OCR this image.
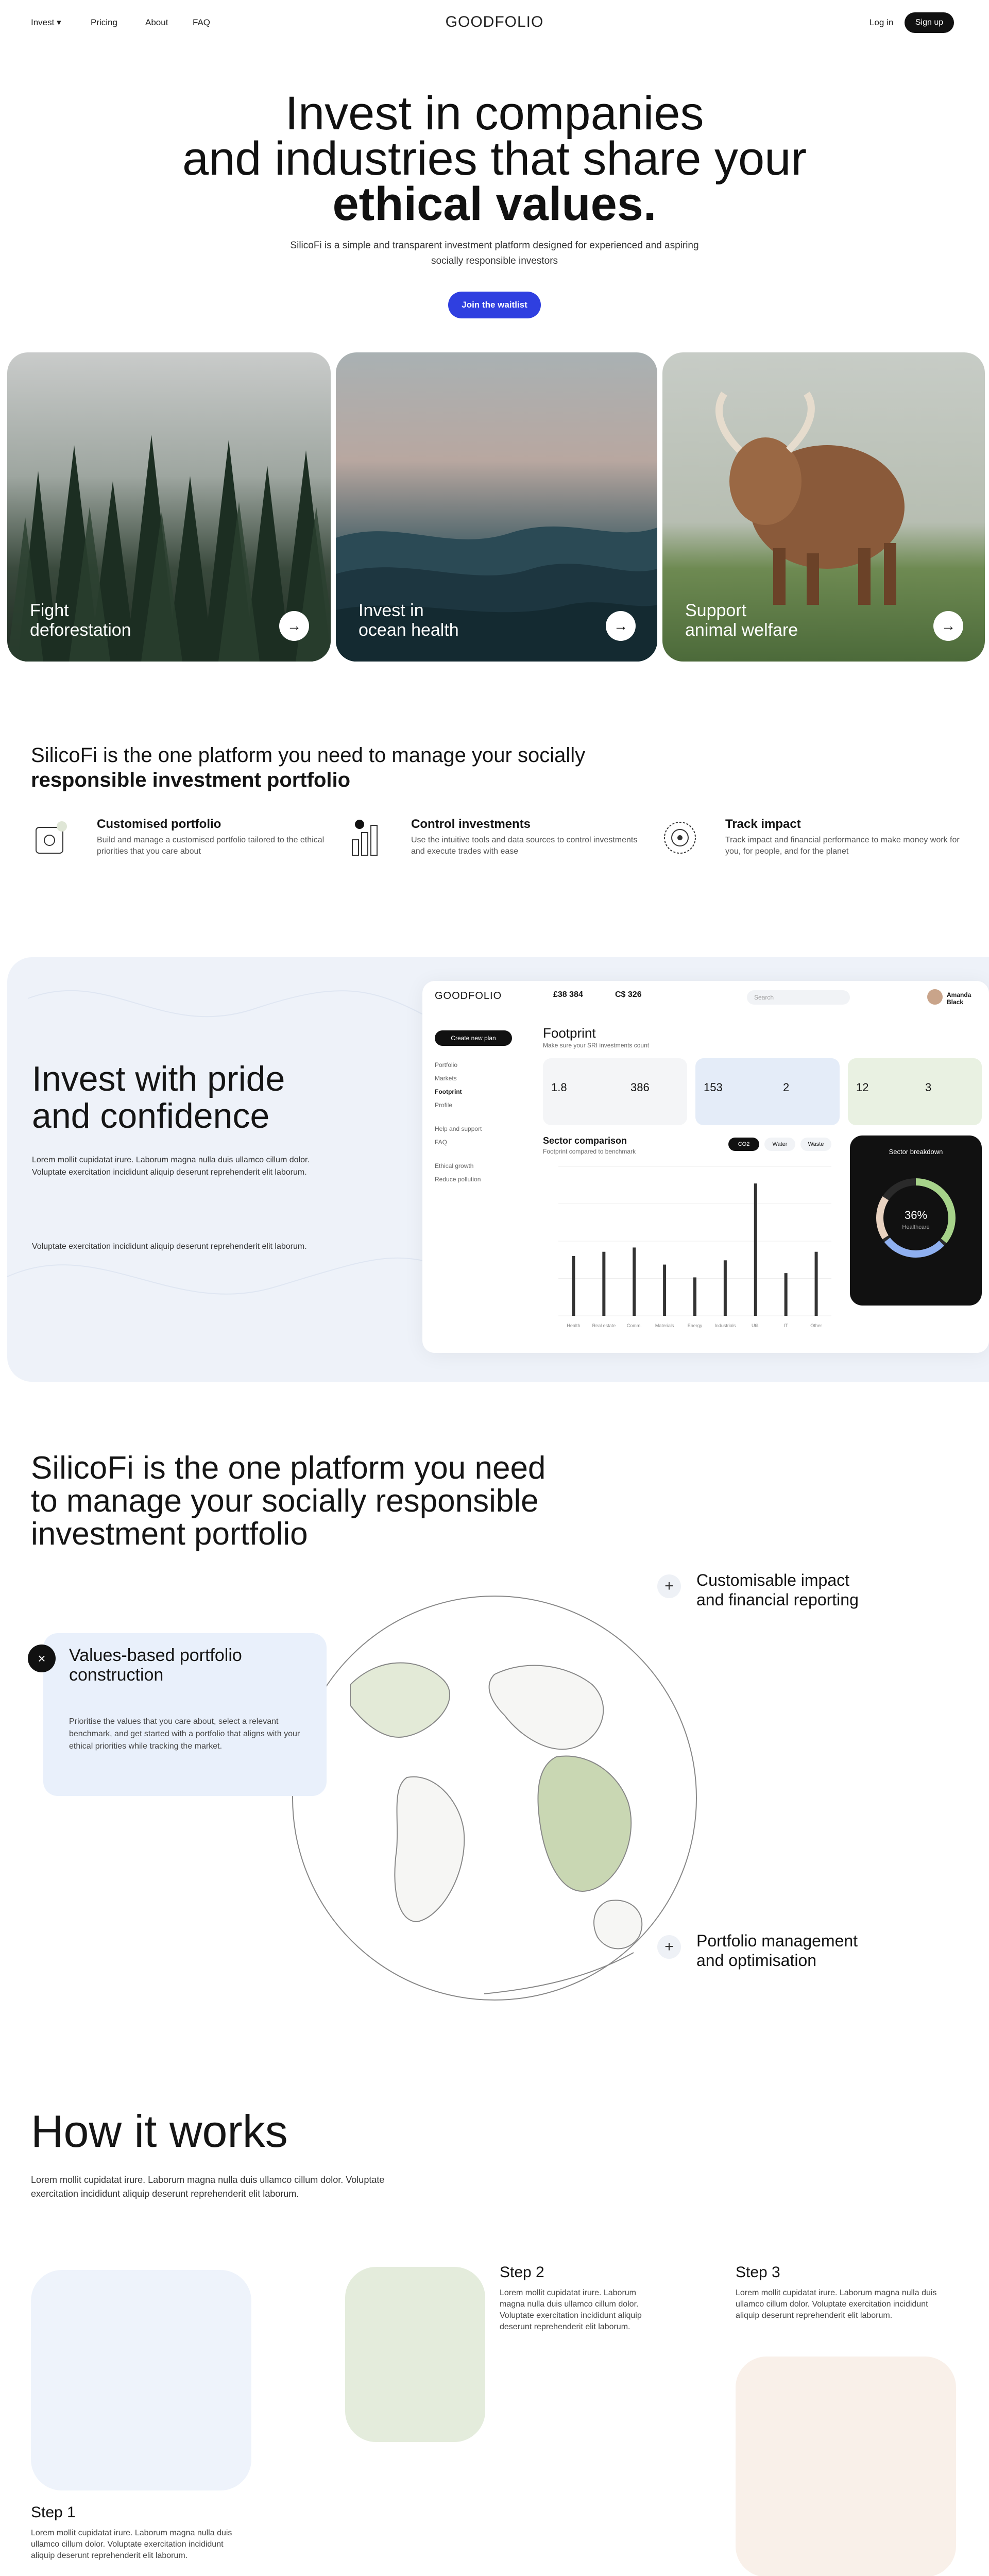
Invest ▾	Pricing	About	FAQ	GOODFOLIO	Log in	Sign up
Invest in companies
and industries that share your
ethical values.
SilicoFi is a simple and transparent investment platform designed for experienced and aspiring socially responsible investors
Join the waitlist
Fight
deforestation	→
Invest in
ocean health	→
Support
animal welfare	→
SilicoFi is the one platform you need to manage your socially
responsible investment portfolio
Customised portfolio
Build and manage a customised portfolio tailored to the ethical priorities that you care about
Control investments
Use the intuitive tools and data sources to control investments and execute trades with ease
Track impact
Track impact and financial performance to make money work for you, for people, and for the planet
Invest with pride
and confidence
Lorem mollit cupidatat irure. Laborum magna nulla duis ullamco cillum dolor. Voluptate exercitation incididunt aliquip deserunt reprehenderit elit laborum.
Voluptate exercitation incididunt aliquip deserunt reprehenderit elit laborum.
GOODFOLIO	£38 384	C$ 326	Search	Amanda Black
Create new plan
Portfolio
Markets
Footprint
Profile
Help and support
FAQ
Ethical growth
Reduce pollution
Footprint
Make sure your SRI investments count
1.8	386	153	2	12	3
Sector comparison
Footprint compared to benchmark
CO2	Water	Waste
Health	Real estate Comm.	Materials	Energy	Industrials	Util.	IT	Other
Sector breakdown
36%
Healthcare
SilicoFi is the one platform you need
to manage your socially responsible
investment portfolio
×	Values-based portfolio
construction
Prioritise the values that you care about, select a relevant benchmark, and get started with a portfolio that aligns with your ethical priorities while tracking the market.
+	Customisable impact
and financial reporting
+	Portfolio management
and optimisation
How it works
Lorem mollit cupidatat irure. Laborum magna nulla duis ullamco cillum dolor. Voluptate exercitation incididunt aliquip deserunt reprehenderit elit laborum.
Step 1
Lorem mollit cupidatat irure. Laborum magna nulla duis ullamco cillum dolor. Voluptate exercitation incididunt aliquip deserunt reprehenderit elit laborum.
Step 2
Lorem mollit cupidatat irure. Laborum magna nulla duis ullamco cillum dolor. Voluptate exercitation incididunt aliquip deserunt reprehenderit elit laborum.
Step 3
Lorem mollit cupidatat irure. Laborum magna nulla duis ullamco cillum dolor. Voluptate exercitation incididunt aliquip deserunt reprehenderit elit laborum.
